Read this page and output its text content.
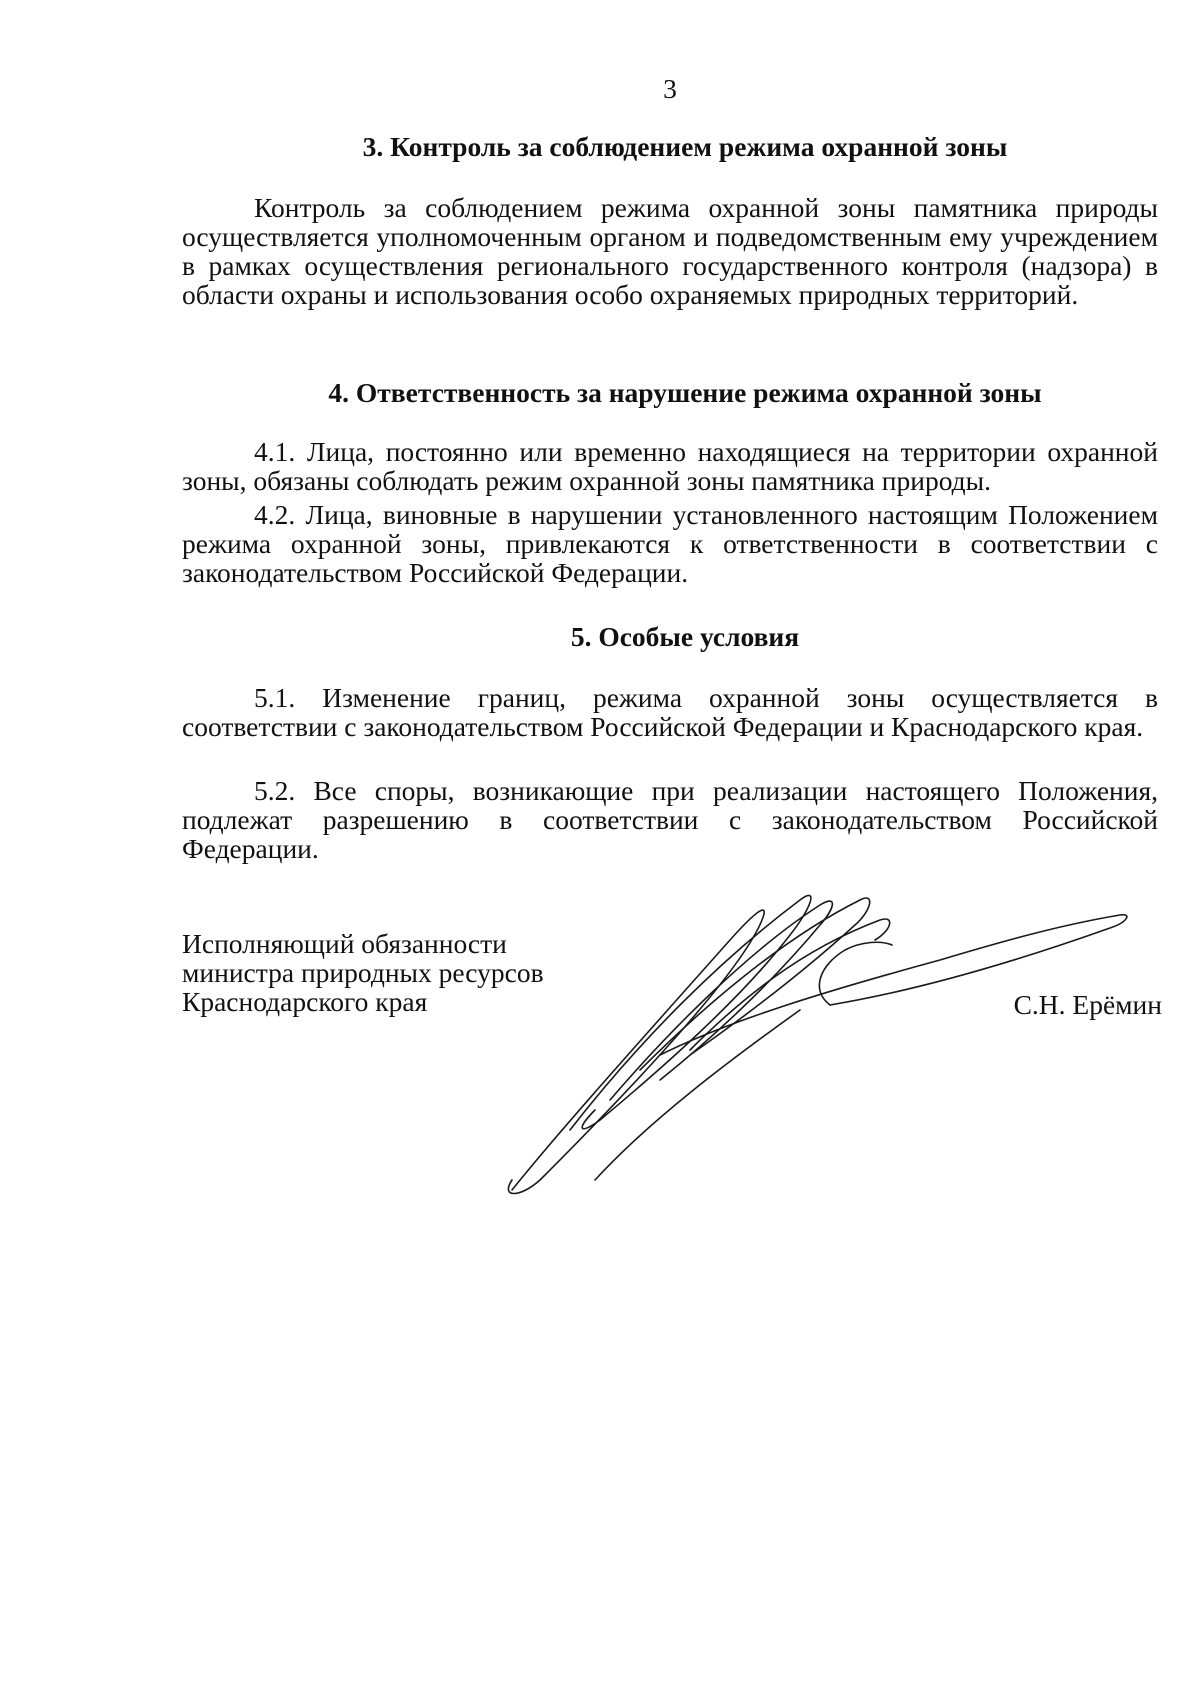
3
3. Контроль за соблюдением режима охранной зоны
Контроль за соблюдением режима охранной зоны памятника природы осуществляется уполномоченным органом и подведомственным ему учреждением в рамках осуществления регионального государственного контроля (надзора) в области охраны и использования особо охраняемых природных территорий.
4. Ответственность за нарушение режима охранной зоны
4.1. Лица, постоянно или временно находящиеся на территории охранной зоны, обязаны соблюдать режим охранной зоны памятника природы.
4.2. Лица, виновные в нарушении установленного настоящим Положением режима охранной зоны, привлекаются к ответственности в соответствии с законодательством Российской Федерации.
5. Особые условия
5.1. Изменение границ, режима охранной зоны осуществляется в соответствии с законодательством Российской Федерации и Краснодарского края.
5.2. Все споры, возникающие при реализации настоящего Положения, подлежат разрешению в соответствии с законодательством Российской Федерации.
Исполняющий обязанности
министра природных ресурсов
Краснодарского края	С.Н. Ерёмин
